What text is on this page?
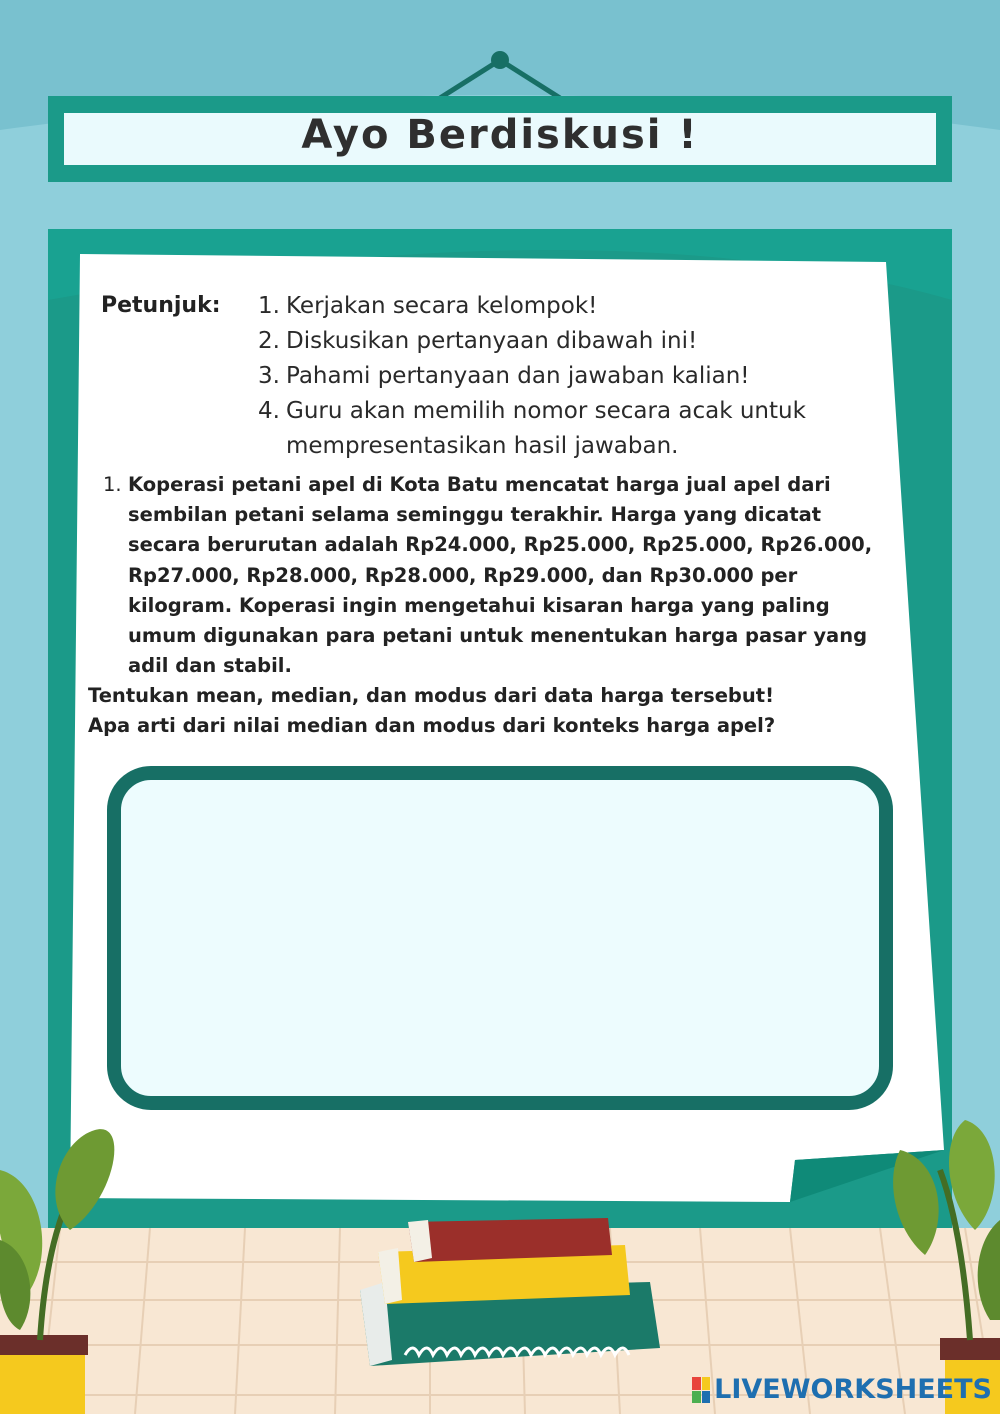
Ayo Berdiskusi !
Petunjuk: 1. Kerjakan secara kelompok!
2. Diskusikan pertanyaan dibawah ini!
3. Pahami pertanyaan dan jawaban kalian!
4. Guru akan memilih nomor secara acak untuk mempresentasikan hasil jawaban.
1. Koperasi petani apel di Kota Batu mencatat harga jual apel dari sembilan petani selama seminggu terakhir. Harga yang dicatat secara berurutan adalah Rp24.000, Rp25.000, Rp25.000, Rp26.000, Rp27.000, Rp28.000, Rp28.000, Rp29.000, dan Rp30.000 per kilogram. Koperasi ingin mengetahui kisaran harga yang paling umum digunakan para petani untuk menentukan harga pasar yang adil dan stabil.
Tentukan mean, median, dan modus dari data harga tersebut!
Apa arti dari nilai median dan modus dari konteks harga apel?
LIVEWORKSHEETS
